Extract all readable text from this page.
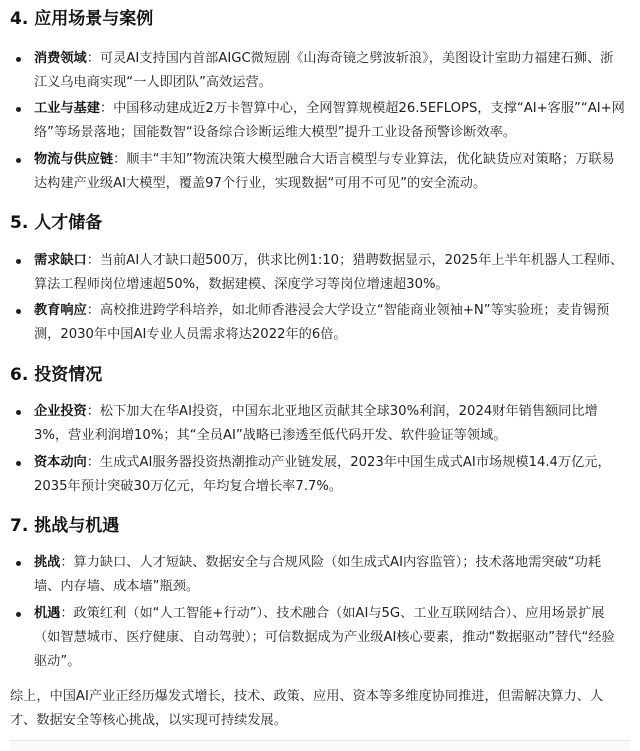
4. 应用场景与案例
消费领域：可灵AI支持国内首部AIGC微短剧《山海奇镜之劈波斩浪》，美图设计室助力福建石狮、浙江义乌电商实现“一人即团队”高效运营。
工业与基建：中国移动建成近2万卡智算中心，全网智算规模超26.5EFLOPS，支撑“AI+客服”“AI+网络”等场景落地；国能数智“设备综合诊断运维大模型”提升工业设备预警诊断效率。
物流与供应链：顺丰“丰知”物流决策大模型融合大语言模型与专业算法，优化缺货应对策略；万联易达构建产业级AI大模型，覆盖97个行业，实现数据“可用不可见”的安全流动。
5. 人才储备
需求缺口：当前AI人才缺口超500万，供求比例1:10；猎聘数据显示，2025年上半年机器人工程师、算法工程师岗位增速超50%，数据建模、深度学习等岗位增速超30%。
教育响应：高校推进跨学科培养，如北师香港浸会大学设立“智能商业领袖+N”等实验班；麦肯锡预测，2030年中国AI专业人员需求将达2022年的6倍。
6. 投资情况
企业投资：松下加大在华AI投资，中国东北亚地区贡献其全球30%利润，2024财年销售额同比增3%，营业利润增10%；其“全员AI”战略已渗透至低代码开发、软件验证等领域。
资本动向：生成式AI服务器投资热潮推动产业链发展，2023年中国生成式AI市场规模14.4万亿元，2035年预计突破30万亿元，年均复合增长率7.7%。
7. 挑战与机遇
挑战：算力缺口、人才短缺、数据安全与合规风险（如生成式AI内容监管）；技术落地需突破“功耗墙、内存墙、成本墙”瓶颈。
机遇：政策红利（如“人工智能+行动”）、技术融合（如AI与5G、工业互联网结合）、应用场景扩展（如智慧城市、医疗健康、自动驾驶）；可信数据成为产业级AI核心要素，推动“数据驱动”替代“经验驱动”。

综上，中国AI产业正经历爆发式增长，技术、政策、应用、资本等多维度协同推进，但需解决算力、人才、数据安全等核心挑战，以实现可持续发展。
